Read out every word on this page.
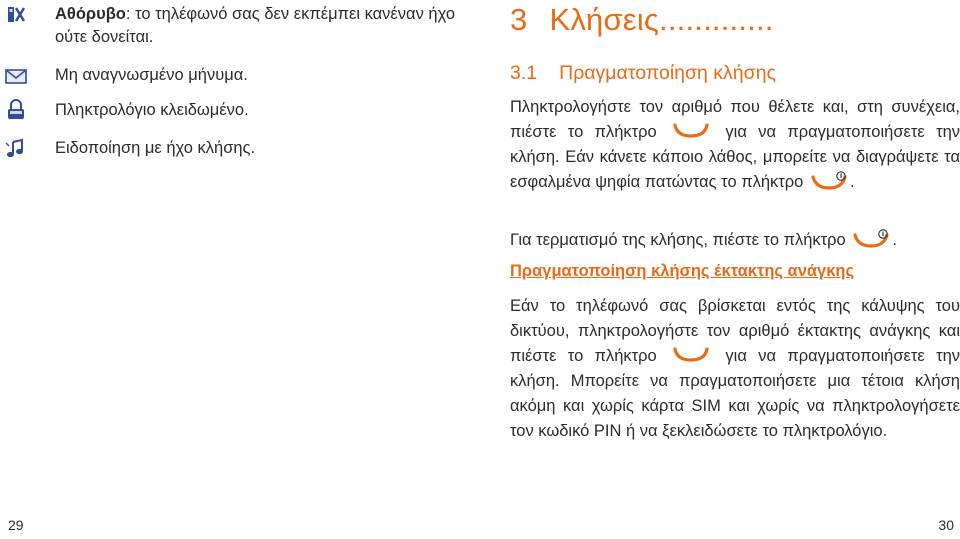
Αθόρυβο: το τηλέφωνό σας δεν εκπέμπει κανέναν ήχο ούτε δονείται.
Μη αναγνωσμένο μήνυμα.
Πληκτρολόγιο κλειδωμένο.
Ειδοποίηση με ήχο κλήσης.
29
3 Κλήσεις.............
3.1 Πραγματοποίηση κλήσης
Πληκτρολογήστε τον αριθμό που θέλετε και, στη συνέχεια, πιέστε το πλήκτρο	για να πραγματοποιήσετε την κλήση. Εάν κάνετε κάποιο λάθος, μπορείτε να διαγράψετε τα εσφαλμένα ψηφία πατώντας το πλήκτρο	.
Για τερματισμό της κλήσης, πιέστε το πλήκτρο	.
Πραγματοποίηση κλήσης έκτακτης ανάγκης
Εάν το τηλέφωνό σας βρίσκεται εντός της κάλυψης του δικτύου, πληκτρολογήστε τον αριθμό έκτακτης ανάγκης και πιέστε το πλήκτρο	για να πραγματοποιήσετε την κλήση. Μπορείτε να πραγματοποιήσετε μια τέτοια κλήση ακόμη και χωρίς κάρτα SIM και χωρίς να πληκτρολογήσετε τον κωδικό PIN ή να ξεκλειδώσετε το πληκτρολόγιο.
30
